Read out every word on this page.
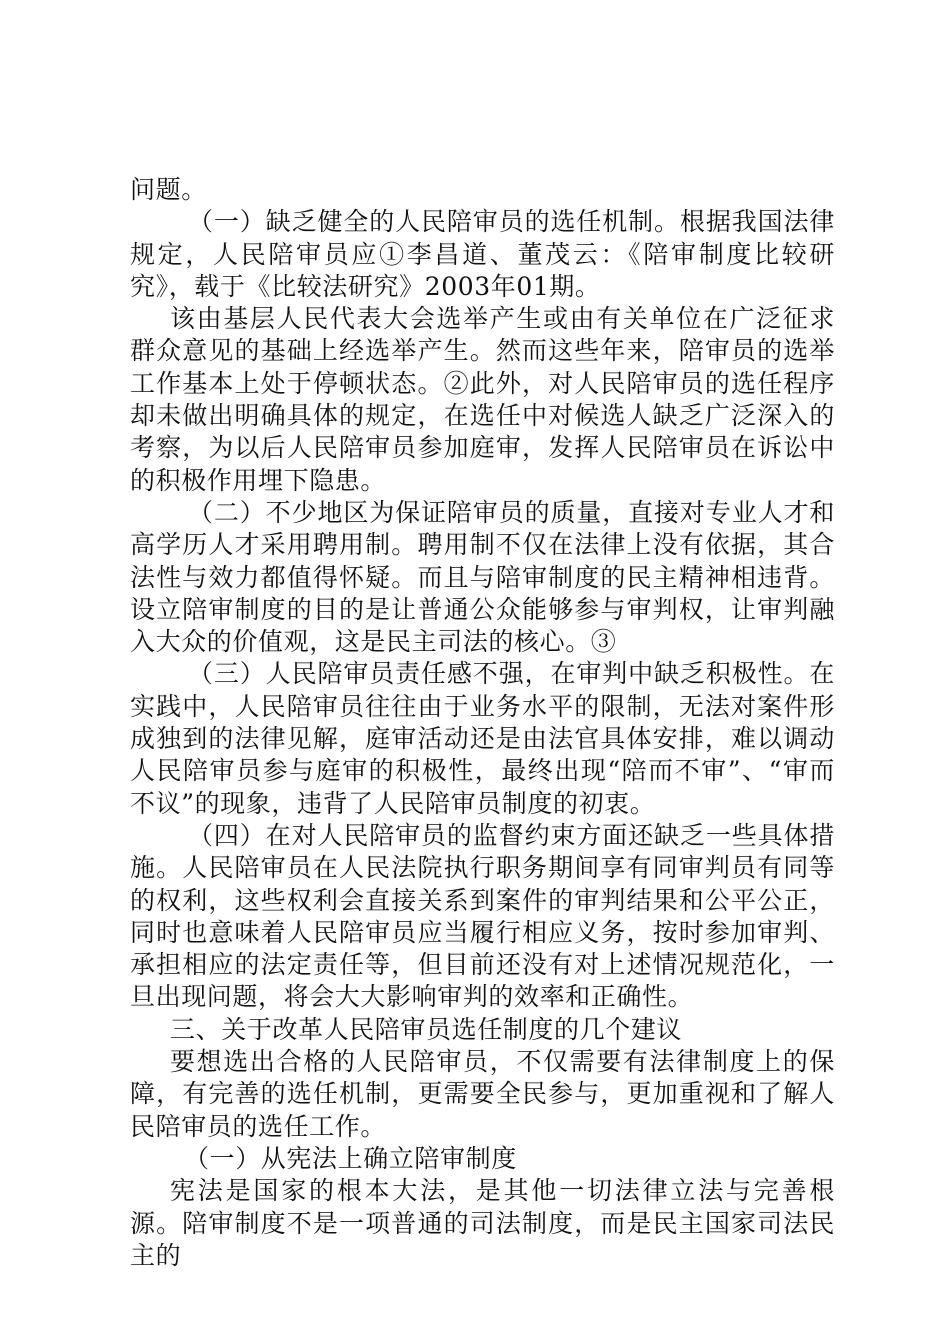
问题。

（一）缺乏健全的人民陪审员的选任机制。根据我国法律规定，人民陪审员应①李昌道、董茂云：《陪审制度比较研究》，载于《比较法研究》2003年01期。

该由基层人民代表大会选举产生或由有关单位在广泛征求群众意见的基础上经选举产生。然而这些年来，陪审员的选举工作基本上处于停顿状态。②此外，对人民陪审员的选任程序却未做出明确具体的规定，在选任中对候选人缺乏广泛深入的考察，为以后人民陪审员参加庭审，发挥人民陪审员在诉讼中的积极作用埋下隐患。

（二）不少地区为保证陪审员的质量，直接对专业人才和高学历人才采用聘用制。聘用制不仅在法律上没有依据，其合法性与效力都值得怀疑。而且与陪审制度的民主精神相违背。设立陪审制度的目的是让普通公众能够参与审判权，让审判融入大众的价值观，这是民主司法的核心。③

（三）人民陪审员责任感不强，在审判中缺乏积极性。在实践中，人民陪审员往往由于业务水平的限制，无法对案件形成独到的法律见解，庭审活动还是由法官具体安排，难以调动人民陪审员参与庭审的积极性，最终出现“陪而不审”、“审而不议”的现象，违背了人民陪审员制度的初衷。

（四）在对人民陪审员的监督约束方面还缺乏一些具体措施。人民陪审员在人民法院执行职务期间享有同审判员有同等的权利，这些权利会直接关系到案件的审判结果和公平公正，同时也意味着人民陪审员应当履行相应义务，按时参加审判、承担相应的法定责任等，但目前还没有对上述情况规范化，一旦出现问题，将会大大影响审判的效率和正确性。

三、关于改革人民陪审员选任制度的几个建议

要想选出合格的人民陪审员，不仅需要有法律制度上的保障，有完善的选任机制，更需要全民参与，更加重视和了解人民陪审员的选任工作。

（一）从宪法上确立陪审制度

宪法是国家的根本大法，是其他一切法律立法与完善根源。陪审制度不是一项普通的司法制度，而是民主国家司法民主的
